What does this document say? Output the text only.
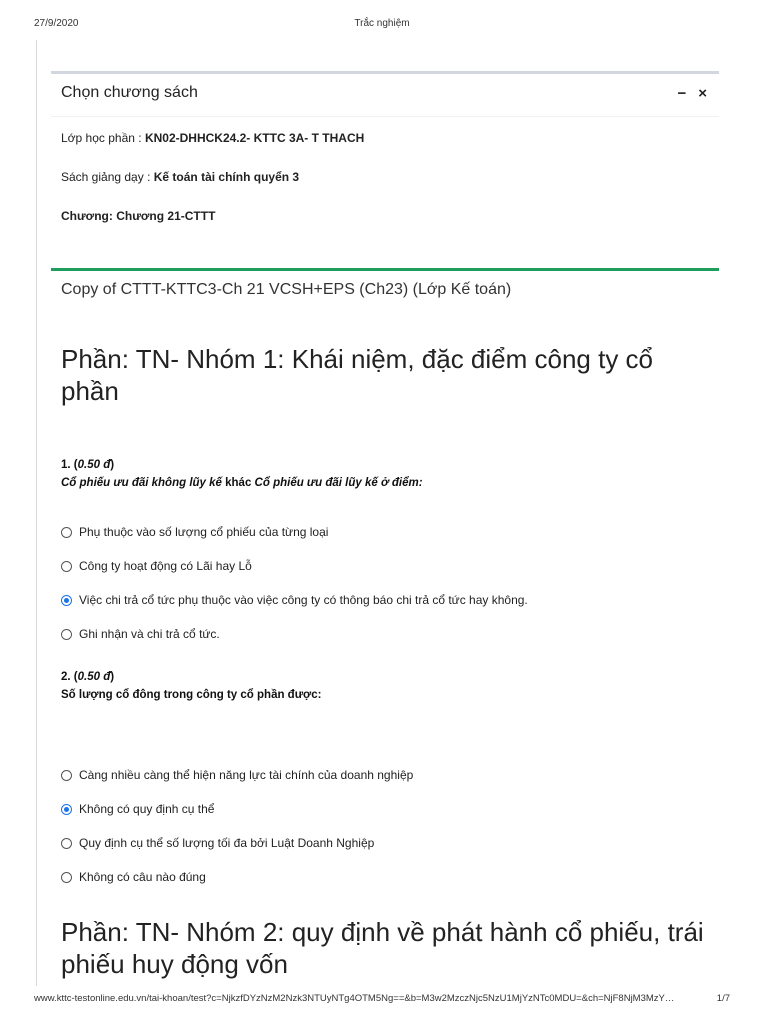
27/9/2020	Trắc nghiệm
Chọn chương sách	− ×
Lớp học phần : KN02-DHHCK24.2- KTTC 3A- T THACH
Sách giảng dạy : Kế toán tài chính quyển 3
Chương: Chương 21-CTTT
Copy of CTTT-KTTC3-Ch 21 VCSH+EPS (Ch23) (Lớp Kế toán)
Phần: TN- Nhóm 1: Khái niệm, đặc điểm công ty cổ phần
1. (0.50 đ)
Cổ phiếu ưu đãi không lũy kế khác Cổ phiếu ưu đãi lũy kế ở điểm:
Phụ thuộc vào số lượng cổ phiếu của từng loại
Công ty hoạt động có Lãi hay Lỗ
Việc chi trả cổ tức phụ thuộc vào việc công ty có thông báo chi trả cổ tức hay không.
Ghi nhận và chi trả cổ tức.
2. (0.50 đ)
Số lượng cổ đông trong công ty cổ phần được:
Càng nhiều càng thể hiện năng lực tài chính của doanh nghiệp
Không có quy định cụ thể
Quy định cụ thể số lượng tối đa bởi Luật Doanh Nghiệp
Không có câu nào đúng
Phần: TN- Nhóm 2: quy định về phát hành cổ phiếu, trái phiếu huy động vốn
www.kttc-testonline.edu.vn/tai-khoan/test?c=NjkzfDYzNzM2Nzk3NTUyNTg4OTM5Ng==&b=M3w2MzczNjc5NzU1MjYzNTc0MDU=&ch=NjF8NjM3MzY…	1/7
